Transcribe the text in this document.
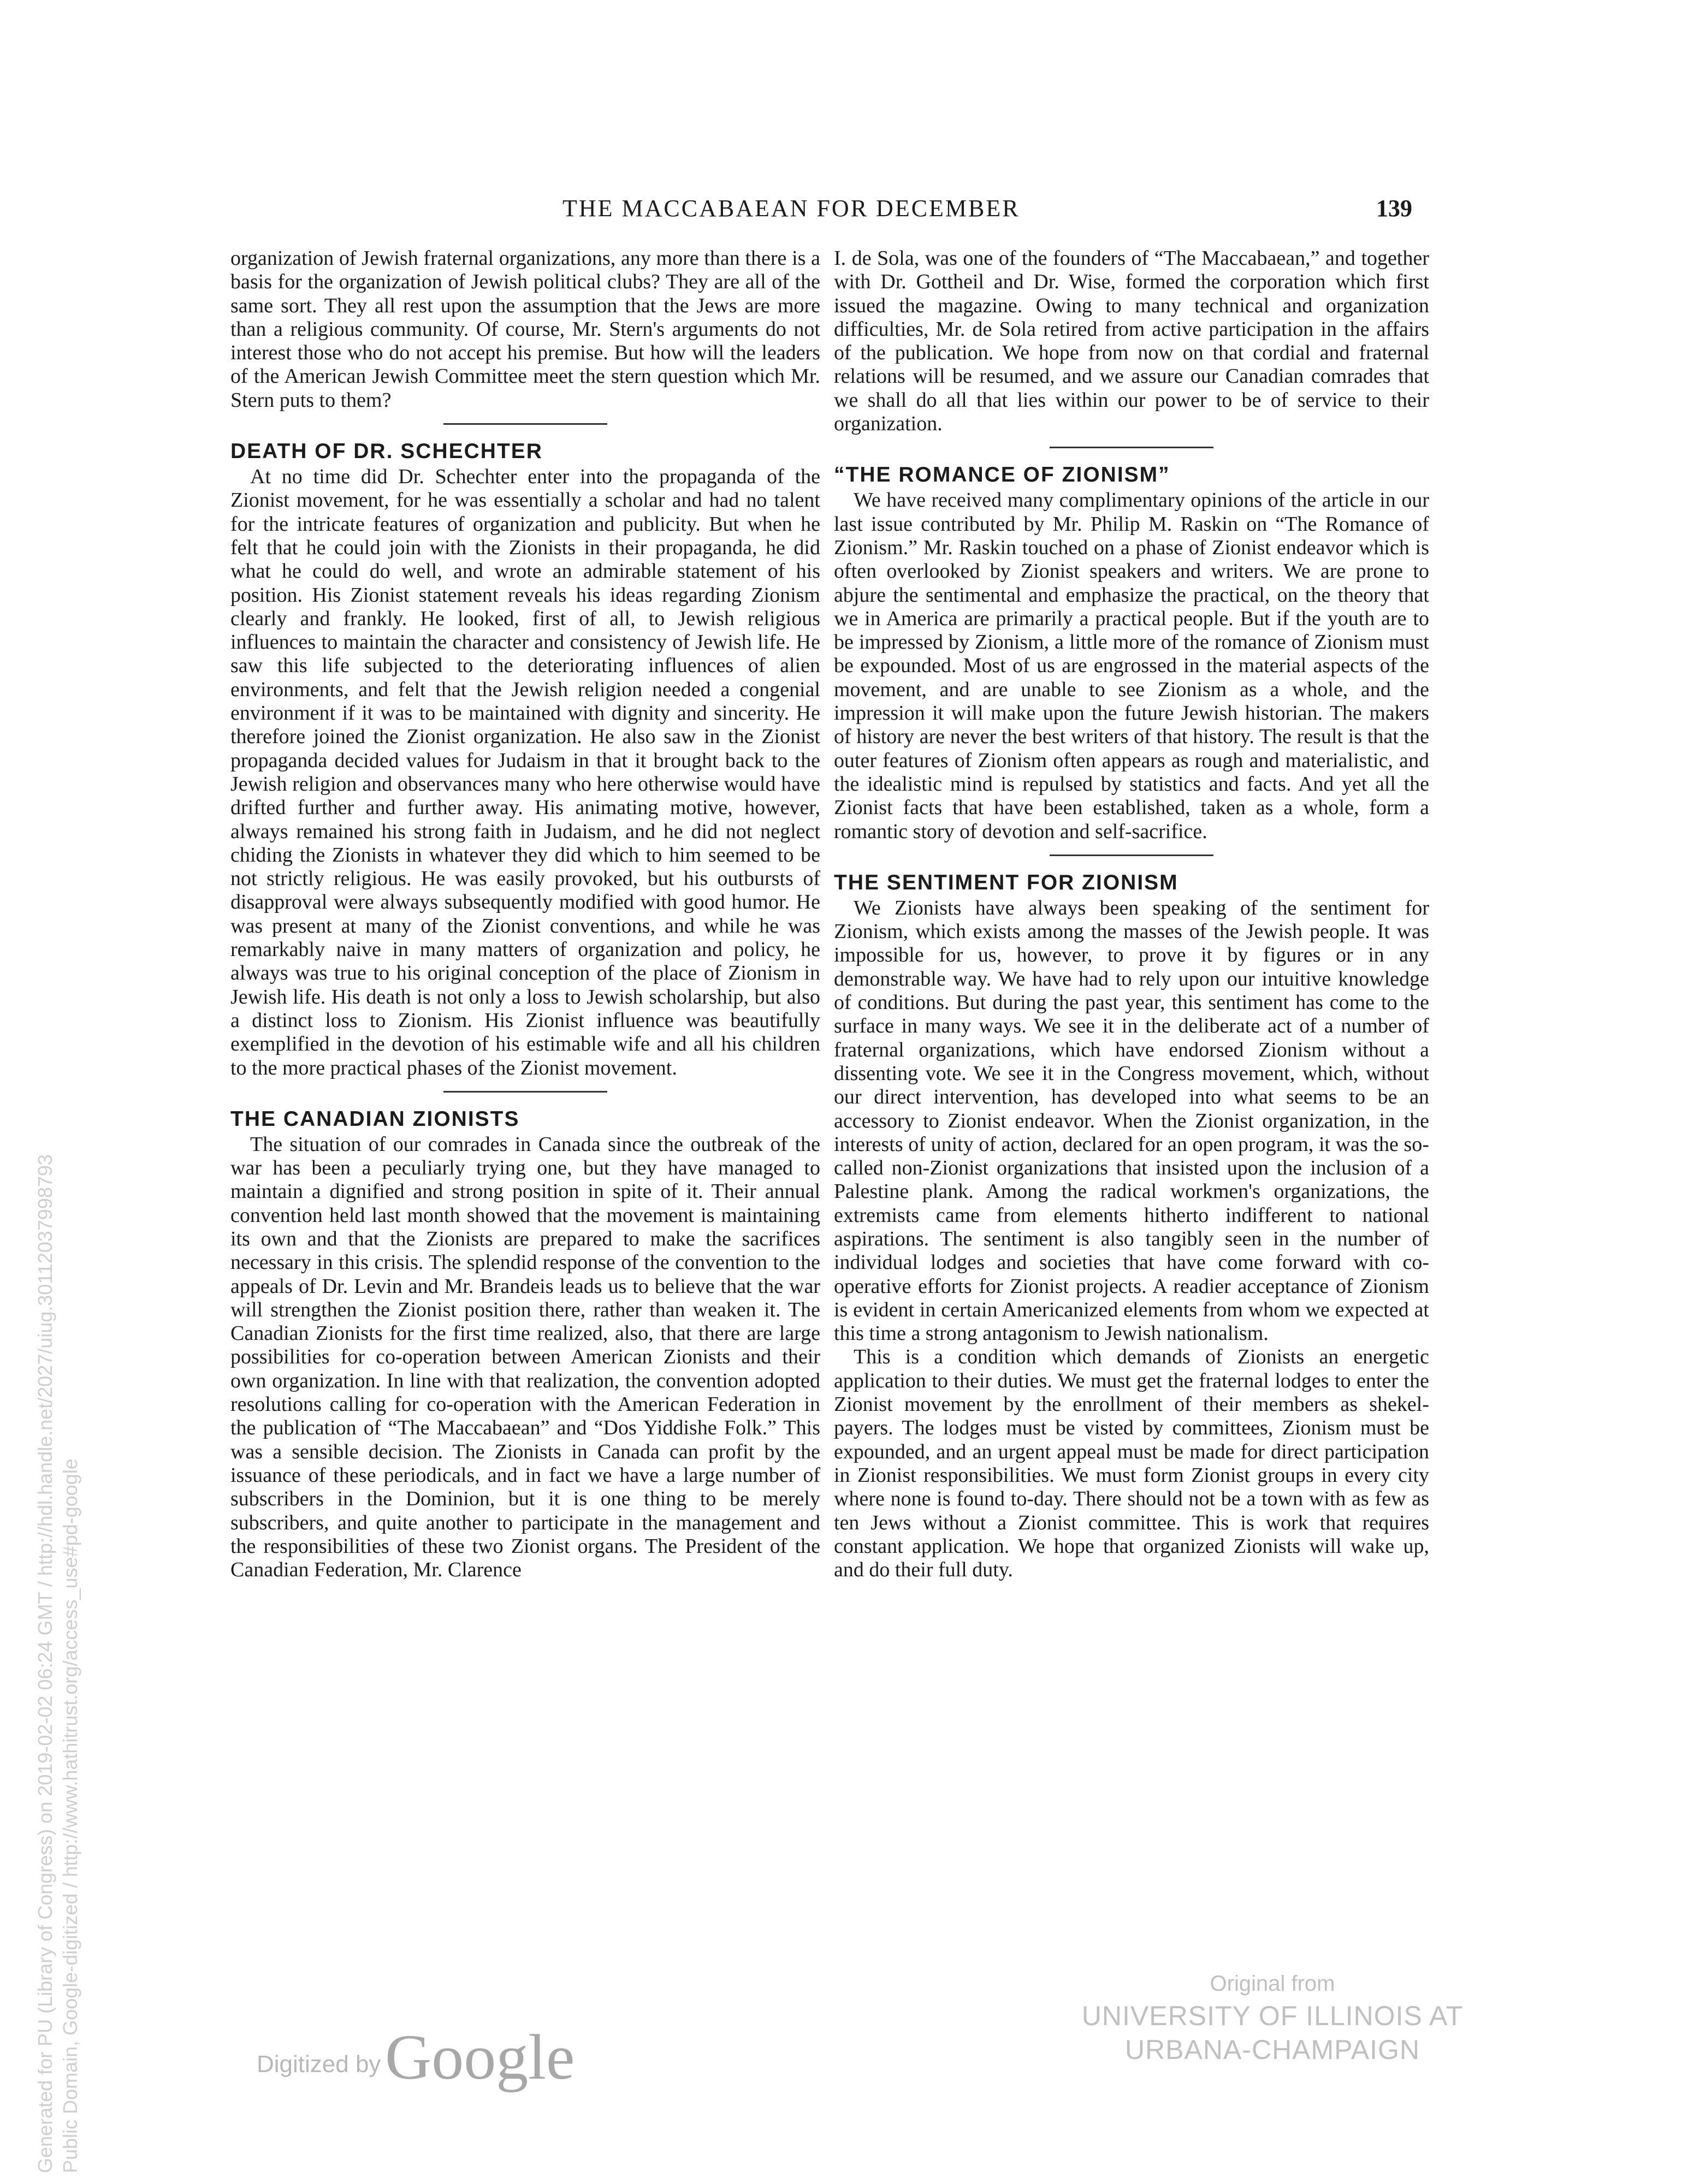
THE MACCABAEAN FOR DECEMBER	139

organization of Jewish fraternal organizations, any more than there is a basis for the organization of Jewish political clubs? They are all of the same sort. They all rest upon the assumption that the Jews are more than a religious community. Of course, Mr. Stern's arguments do not interest those who do not accept his premise. But how will the leaders of the American Jewish Committee meet the stern question which Mr. Stern puts to them?

DEATH OF DR. SCHECHTER

At no time did Dr. Schechter enter into the propaganda of the Zionist movement, for he was essentially a scholar and had no talent for the intricate features of organization and publicity. But when he felt that he could join with the Zionists in their propaganda, he did what he could do well, and wrote an admirable statement of his position. His Zionist statement reveals his ideas regarding Zionism clearly and frankly. He looked, first of all, to Jewish religious influences to maintain the character and consistency of Jewish life. He saw this life subjected to the deteriorating influences of alien environments, and felt that the Jewish religion needed a congenial environment if it was to be maintained with dignity and sincerity. He therefore joined the Zionist organization. He also saw in the Zionist propaganda decided values for Judaism in that it brought back to the Jewish religion and observances many who here otherwise would have drifted further and further away. His animating motive, however, always remained his strong faith in Judaism, and he did not neglect chiding the Zionists in whatever they did which to him seemed to be not strictly religious. He was easily provoked, but his outbursts of disapproval were always subsequently modified with good humor. He was present at many of the Zionist conventions, and while he was remarkably naive in many matters of organization and policy, he always was true to his original conception of the place of Zionism in Jewish life. His death is not only a loss to Jewish scholarship, but also a distinct loss to Zionism. His Zionist influence was beautifully exemplified in the devotion of his estimable wife and all his children to the more practical phases of the Zionist movement.

THE CANADIAN ZIONISTS

The situation of our comrades in Canada since the outbreak of the war has been a peculiarly trying one, but they have managed to maintain a dignified and strong position in spite of it. Their annual convention held last month showed that the movement is maintaining its own and that the Zionists are prepared to make the sacrifices necessary in this crisis. The splendid response of the convention to the appeals of Dr. Levin and Mr. Brandeis leads us to believe that the war will strengthen the Zionist position there, rather than weaken it. The Canadian Zionists for the first time realized, also, that there are large possibilities for co-operation between American Zionists and their own organization. In line with that realization, the convention adopted resolutions calling for co-operation with the American Federation in the publication of “The Maccabaean” and “Dos Yiddishe Folk.” This was a sensible decision. The Zionists in Canada can profit by the issuance of these periodicals, and in fact we have a large number of subscribers in the Dominion, but it is one thing to be merely subscribers, and quite another to participate in the management and the responsibilities of these two Zionist organs. The President of the Canadian Federation, Mr. Clarence

I. de Sola, was one of the founders of “The Maccabaean,” and together with Dr. Gottheil and Dr. Wise, formed the corporation which first issued the magazine. Owing to many technical and organization difficulties, Mr. de Sola retired from active participation in the affairs of the publication. We hope from now on that cordial and fraternal relations will be resumed, and we assure our Canadian comrades that we shall do all that lies within our power to be of service to their organization.

“THE ROMANCE OF ZIONISM”

We have received many complimentary opinions of the article in our last issue contributed by Mr. Philip M. Raskin on “The Romance of Zionism.” Mr. Raskin touched on a phase of Zionist endeavor which is often overlooked by Zionist speakers and writers. We are prone to abjure the sentimental and emphasize the practical, on the theory that we in America are primarily a practical people. But if the youth are to be impressed by Zionism, a little more of the romance of Zionism must be expounded. Most of us are engrossed in the material aspects of the movement, and are unable to see Zionism as a whole, and the impression it will make upon the future Jewish historian. The makers of history are never the best writers of that history. The result is that the outer features of Zionism often appears as rough and materialistic, and the idealistic mind is repulsed by statistics and facts. And yet all the Zionist facts that have been established, taken as a whole, form a romantic story of devotion and self-sacrifice.

THE SENTIMENT FOR ZIONISM

We Zionists have always been speaking of the sentiment for Zionism, which exists among the masses of the Jewish people. It was impossible for us, however, to prove it by figures or in any demonstrable way. We have had to rely upon our intuitive knowledge of conditions. But during the past year, this sentiment has come to the surface in many ways. We see it in the deliberate act of a number of fraternal organizations, which have endorsed Zionism without a dissenting vote. We see it in the Congress movement, which, without our direct intervention, has developed into what seems to be an accessory to Zionist endeavor. When the Zionist organization, in the interests of unity of action, declared for an open program, it was the so-called non-Zionist organizations that insisted upon the inclusion of a Palestine plank. Among the radical workmen's organizations, the extremists came from elements hitherto indifferent to national aspirations. The sentiment is also tangibly seen in the number of individual lodges and societies that have come forward with co-operative efforts for Zionist projects. A readier acceptance of Zionism is evident in certain Americanized elements from whom we expected at this time a strong antagonism to Jewish nationalism.

This is a condition which demands of Zionists an energetic application to their duties. We must get the fraternal lodges to enter the Zionist movement by the enrollment of their members as shekel-payers. The lodges must be visted by committees, Zionism must be expounded, and an urgent appeal must be made for direct participation in Zionist responsibilities. We must form Zionist groups in every city where none is found to-day. There should not be a town with as few as ten Jews without a Zionist committee. This is work that requires constant application. We hope that organized Zionists will wake up, and do their full duty.

Generated for PU (Library of Congress) on 2019-02-02 06:24 GMT / http://hdl.handle.net/2027/uiug.30112037998793 Public Domain, Google-digitized / http://www.hathitrust.org/access_use#pd-google	Digitized by Google
Original from
UNIVERSITY OF ILLINOIS AT
URBANA-CHAMPAIGN
